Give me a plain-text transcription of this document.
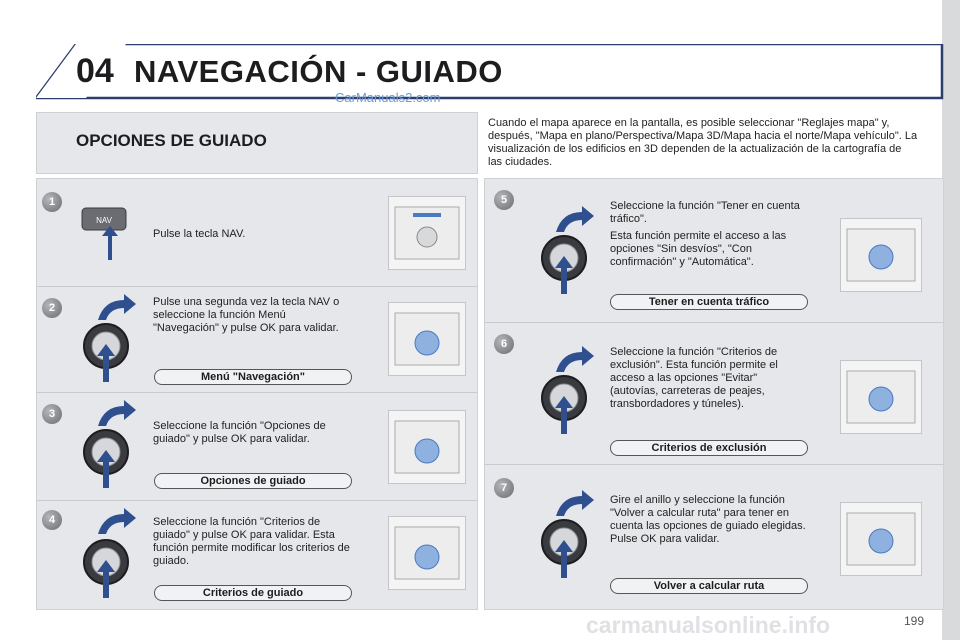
04 NAVEGACIÓN - GUIADO
CarManuals2.com
OPCIONES DE GUIADO
Cuando el mapa aparece en la pantalla, es posible seleccionar "Reglajes mapa" y, después, "Mapa en plano/Perspectiva/Mapa 3D/Mapa hacia el norte/Mapa vehículo". La visualización de los edificios en 3D dependen de la actualización de la cartografía de las ciudades.
1
NAV
Pulse la tecla NAV.
2	Pulse una segunda vez la tecla NAV o seleccione la función Menú "Navegación" y pulse OK para validar.
Menú "Navegación"
3
Seleccione la función "Opciones de guiado" y pulse OK para validar.
Opciones de guiado
4	Seleccione la función "Criterios de guiado" y pulse OK para validar. Esta función permite modificar los criterios de guiado.
Criterios de guiado
5	Seleccione la función "Tener en cuenta tráfico".

Esta función permite el acceso a las opciones "Sin desvíos", "Con confirmación" y "Automática".

Tener en cuenta tráfico
6
Seleccione la función "Criterios de exclusión". Esta función permite el acceso a las opciones "Evitar" (autovías, carreteras de peajes, transbordadores y túneles).
Criterios de exclusión
7
Gire el anillo y seleccione la función "Volver a calcular ruta" para tener en cuenta las opciones de guiado elegidas. Pulse OK para validar.
Volver a calcular ruta
carmanualsonline.info	199
